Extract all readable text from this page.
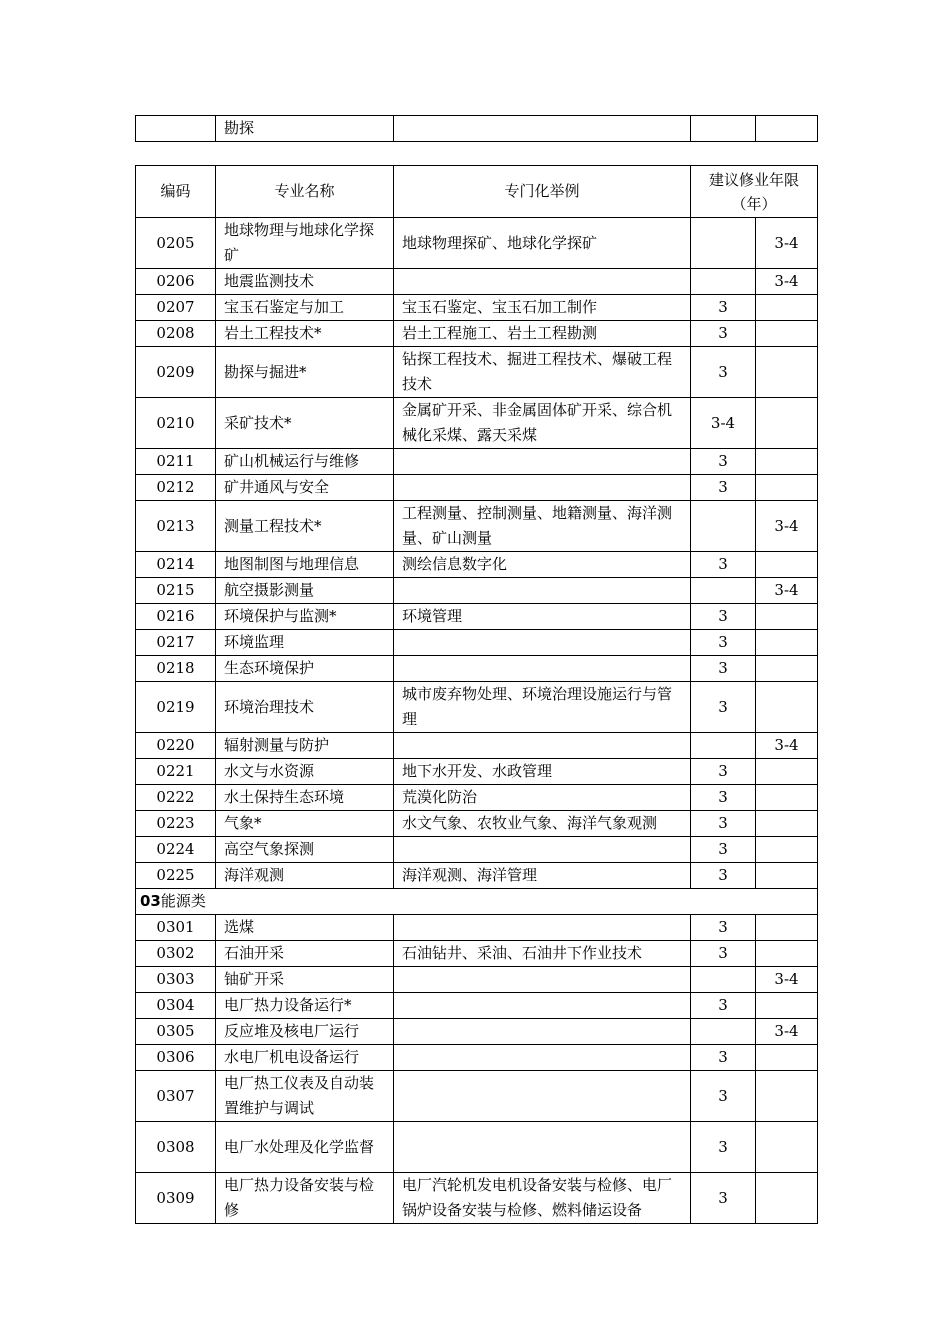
	勘探			
编码	专业名称	专门化举例	建议修业年限（年）	
0205	地球物理与地球化学探矿	地球物理探矿、地球化学探矿		3-4
0206	地震监测技术			3-4
0207	宝玉石鉴定与加工	宝玉石鉴定、宝玉石加工制作	3	
0208	岩土工程技术*	岩土工程施工、岩土工程勘测	3	
0209	勘探与掘进*	钻探工程技术、掘进工程技术、爆破工程技术	3	
0210	采矿技术*	金属矿开采、非金属固体矿开采、综合机械化采煤、露天采煤	3-4	
0211	矿山机械运行与维修		3	
0212	矿井通风与安全		3	
0213	测量工程技术*	工程测量、控制测量、地籍测量、海洋测量、矿山测量		3-4
0214	地图制图与地理信息	测绘信息数字化	3	
0215	航空摄影测量			3-4
0216	环境保护与监测*	环境管理	3	
0217	环境监理		3	
0218	生态环境保护		3	
0219	环境治理技术	城市废弃物处理、环境治理设施运行与管理	3	
0220	辐射测量与防护			3-4
0221	水文与水资源	地下水开发、水政管理	3	
0222	水土保持生态环境	荒漠化防治	3	
0223	气象*	水文气象、农牧业气象、海洋气象观测	3	
0224	高空气象探测		3	
0225	海洋观测	海洋观测、海洋管理	3	
03能源类				
0301	选煤		3	
0302	石油开采	石油钻井、采油、石油井下作业技术	3	
0303	铀矿开采			3-4
0304	电厂热力设备运行*		3	
0305	反应堆及核电厂运行			3-4
0306	水电厂机电设备运行		3	
0307	电厂热工仪表及自动装置维护与调试		3	
0308	电厂水处理及化学监督		3	
0309	电厂热力设备安装与检修	电厂汽轮机发电机设备安装与检修、电厂锅炉设备安装与检修、燃料储运设备	3	
